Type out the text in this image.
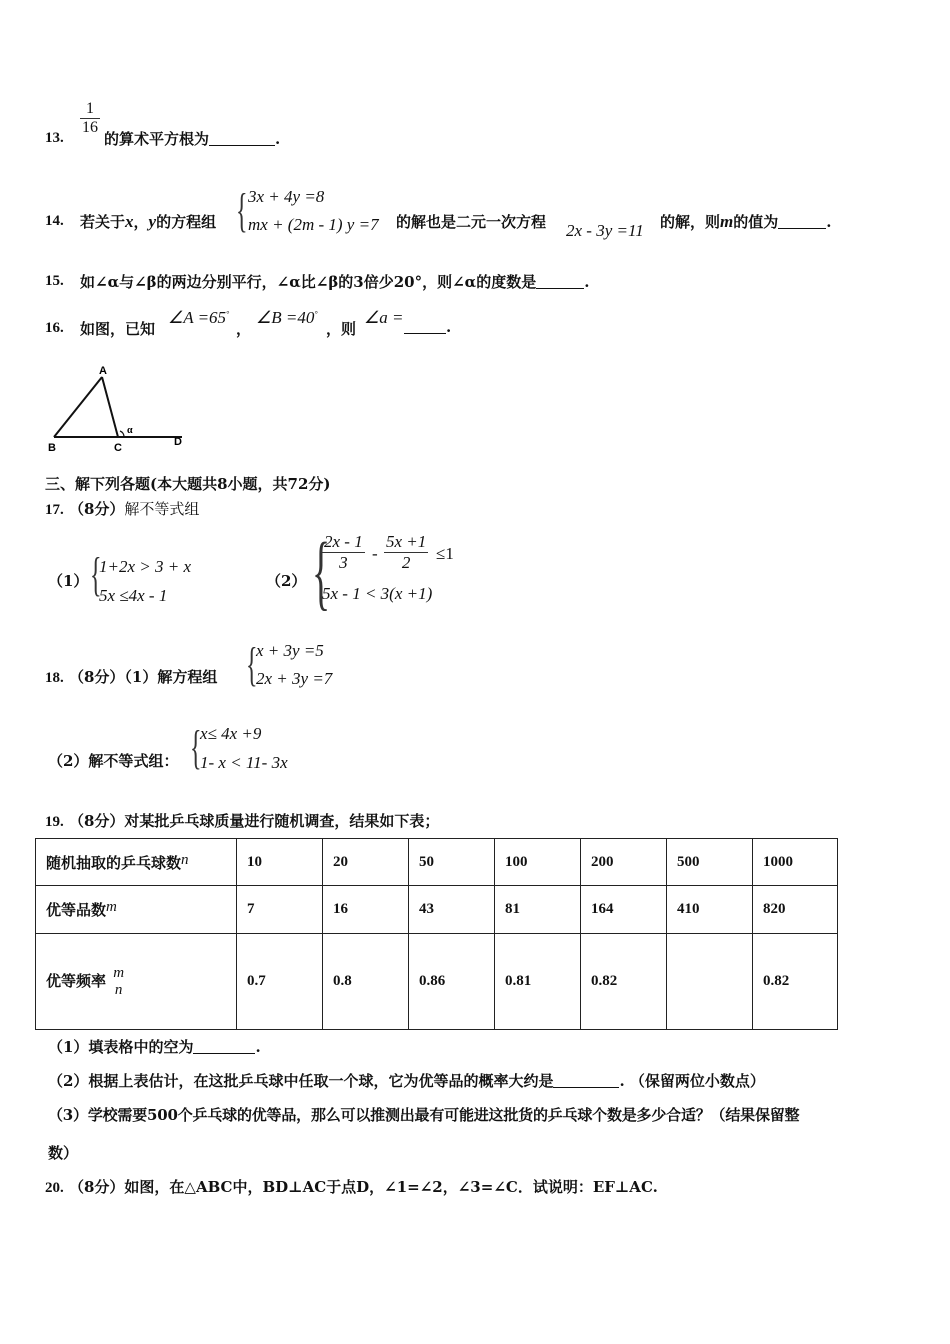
13.
$\frac{1}{16}$
的算术平方根为	.
14. 若关于x，y的方程组 { 3x + 4y =8
mx + (2m - 1) y =7 的解也是二元一次方程 2x - 3y =11 的解，则m的值为	.
15. 如∠α与∠β的两边分别平行，∠α比∠β的3倍少20°，则∠α的度数是	.
16. 如图，已知
∠A =65°
，
∠B =40°
，则
∠a =	.
A
B	C	D
α
三、解下列各题(本大题共8小题，共72分)
17. （8分）解不等式组
（1） {
1+2x > 3 + x
5x ≤4x - 1
（2） {
$\frac{2x - 1}{3} - \frac{5x +1}{2} \le 1$
5x - 1 < 3(x +1)
18. （8分）（1）解方程组 {
x + 3y =5
2x + 3y =7
（2）解不等式组： {
x≤ 4x +9
1- x < 11- 3x
19. （8分）对某批乒乓球质量进行随机调查，结果如下表；
随机抽取的乒乓球数n	10	20	50	100	200	500	1000
优等品数m	7	16	43	81	164	410	820
优等频率 m
n	0.7	0.8	0.86	0.81	0.82		0.82
（1）填表格中的空为	.
（2）根据上表估计，在这批乒乓球中任取一个球，它为优等品的概率大约是	. （保留两位小数点）
（3）学校需要500个乒乓球的优等品，那么可以推测出最有可能进这批货的乒乓球个数是多少合适？（结果保留整
数）
20. （8分）如图，在△ABC中，BD⊥AC于点D，∠1=∠2，∠3=∠C．试说明：EF⊥AC.
